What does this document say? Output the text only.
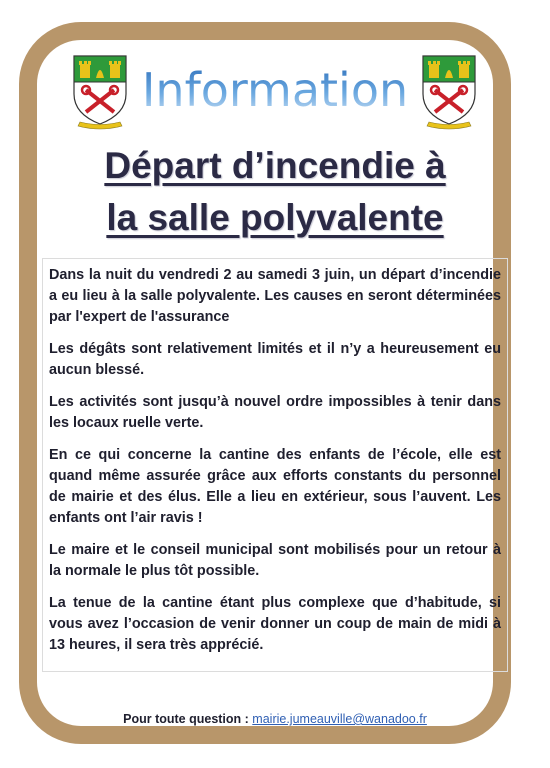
Information
Départ d’incendie à
la salle polyvalente

Dans la nuit du vendredi 2 au samedi 3 juin, un départ d’incendie a eu lieu à la salle polyvalente. Les causes en seront déterminées par l'expert de l'assurance

Les dégâts sont relativement limités et il n’y a heureusement eu aucun blessé.

Les activités sont jusqu’à nouvel ordre impossibles à tenir dans les locaux ruelle verte.

En ce qui concerne la cantine des enfants de l’école, elle est quand même assurée grâce aux efforts constants du personnel de mairie et des élus. Elle a lieu en extérieur, sous l’auvent. Les enfants ont l’air ravis !

Le maire et le conseil municipal sont mobilisés pour un retour à la normale le plus tôt possible.

La tenue de la cantine étant plus complexe que d’habitude, si vous avez l’occasion de venir donner un coup de main de midi à 13 heures, il sera très apprécié.

Pour toute question : mairie.jumeauville@wanadoo.fr
